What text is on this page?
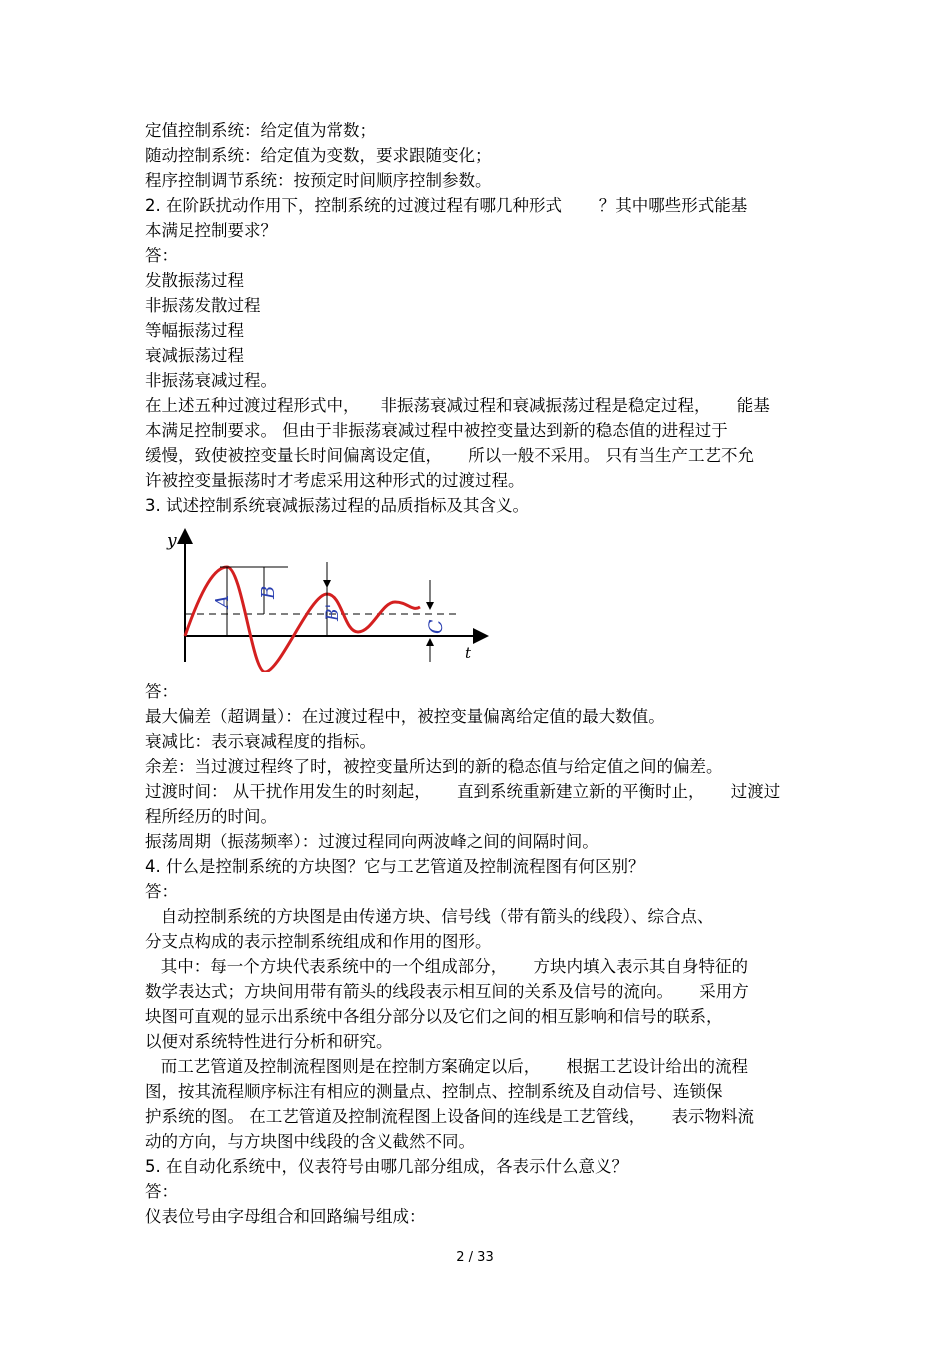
定值控制系统：给定值为常数；
随动控制系统：给定值为变数，要求跟随变化；
程序控制调节系统：按预定时间顺序控制参数。
2. 在阶跃扰动作用下，控制系统的过渡过程有哪几种形式       ？其中哪些形式能基
本满足控制要求？
答：
发散振荡过程
非振荡发散过程
等幅振荡过程
衰减振荡过程
非振荡衰减过程。
在上述五种过渡过程形式中，    非振荡衰减过程和衰减振荡过程是稳定过程，     能基
本满足控制要求。 但由于非振荡衰减过程中被控变量达到新的稳态值的进程过于
缓慢，致使被控变量长时间偏离设定值，     所以一般不采用。 只有当生产工艺不允
许被控变量振荡时才考虑采用这种形式的过渡过程。
3. 试述控制系统衰减振荡过程的品质指标及其含义。
答：
最大偏差（超调量）：在过渡过程中，被控变量偏离给定值的最大数值。
衰减比：表示衰减程度的指标。
余差：当过渡过程终了时，被控变量所达到的新的稳态值与给定值之间的偏差。
过渡时间： 从干扰作用发生的时刻起，     直到系统重新建立新的平衡时止，     过渡过
程所经历的时间。
振荡周期（振荡频率）：过渡过程同向两波峰之间的间隔时间。
4. 什么是控制系统的方块图？它与工艺管道及控制流程图有何区别？
答：
自动控制系统的方块图是由传递方块、信号线（带有箭头的线段）、综合点、
分支点构成的表示控制系统组成和作用的图形。
其中：每一个方块代表系统中的一个组成部分，     方块内填入表示其自身特征的
数学表达式；方块间用带有箭头的线段表示相互间的关系及信号的流向。     采用方
块图可直观的显示出系统中各组分部分以及它们之间的相互影响和信号的联系，
以便对系统特性进行分析和研究。
而工艺管道及控制流程图则是在控制方案确定以后，     根据工艺设计给出的流程
图，按其流程顺序标注有相应的测量点、控制点、控制系统及自动信号、连锁保
护系统的图。 在工艺管道及控制流程图上设备间的连线是工艺管线，     表示物料流
动的方向，与方块图中线段的含义截然不同。
5. 在自动化系统中，仪表符号由哪几部分组成，各表示什么意义？
答：
仪表位号由字母组合和回路编号组成：
y
t
A
B
B'
C
2 / 33
